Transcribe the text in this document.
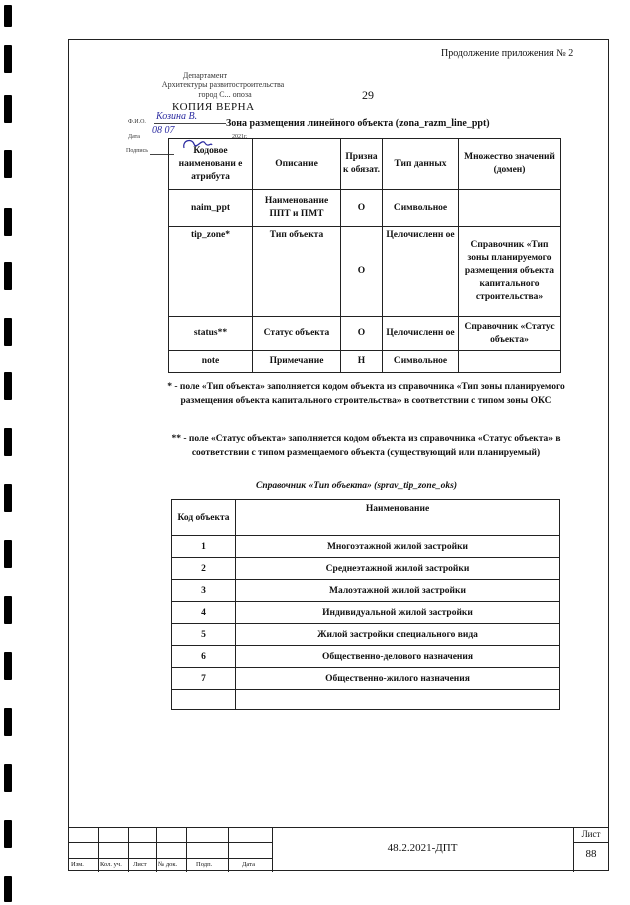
Продолжение приложения № 2
Департамент
Архитектуры развитостроительства
город С... опоза
КОПИЯ ВЕРНА
29
Ф.И.О. Козина В.
Дата
08 07
2021г.
Подпись
Зона размещения линейного объекта (zona_razm_line_ppt)
Кодовое наименовани е атрибута	Описание	Призна к обязат.	Тип данных	Множество значений (домен)
naim_ppt	Наименование ППТ и ПМТ	О	Символьное	
tip_zone*	Тип объекта	О	Целочисленн ое	Справочник «Тип зоны планируемого размещения объекта капитального строительства»
status**	Статус объекта	О	Целочисленн ое	Справочник «Статус объекта»
note	Примечание	Н	Символьное	
* - поле «Тип объекта» заполняется кодом объекта из справочника «Тип зоны планируемого размещения объекта капитального строительства» в соответствии с типом зоны ОКС
** - поле «Статус объекта» заполняется кодом объекта из справочника «Статус объекта» в соответствии с типом размещаемого объекта (существующий или планируемый)
Справочник «Тип объекта» (sprav_tip_zone_oks)
Код объекта	Наименование
1	Многоэтажной жилой застройки
2	Среднеэтажной жилой застройки
3	Малоэтажной жилой застройки
4	Индивидуальной жилой застройки
5	Жилой застройки специального вида
6	Общественно-делового назначения
7	Общественно-жилого назначения

Изм. Кол. уч. Лист № док.	Подп.	Дата
48.2.2021-ДПТ
Лист
88
